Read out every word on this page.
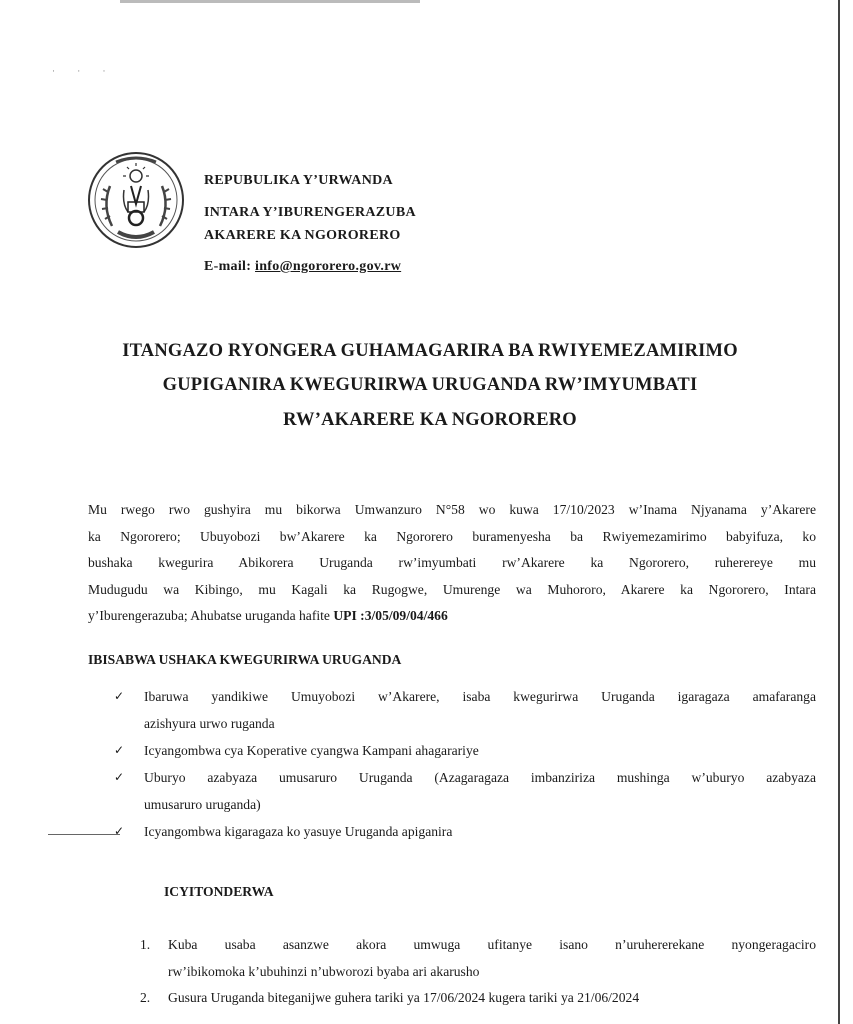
· · ·
REPUBULIKA Y’URWANDA
INTARA Y’IBURENGERAZUBA
AKARERE KA NGORORERO
E-mail: info@ngororero.gov.rw
ITANGAZO RYONGERA GUHAMAGARIRA BA RWIYEMEZAMIRIMO
GUPIGANIRA KWEGURIRWA URUGANDA RW’IMYUMBATI
RW’AKARERE KA NGORORERO
Mu rwego rwo gushyira mu bikorwa Umwanzuro N°58 wo kuwa 17/10/2023 w’Inama Njyanama y’Akarere
ka Ngororero; Ubuyobozi bw’Akarere ka Ngororero buramenyesha ba Rwiyemezamirimo babyifuza, ko
bushaka kwegurira Abikorera Uruganda rw’imyumbati rw’Akarere ka Ngororero, ruherereye mu
Mudugudu wa Kibingo, mu Kagali ka Rugogwe, Umurenge wa Muhororo, Akarere ka Ngororero, Intara
y’Iburengerazuba; Ahubatse uruganda hafite UPI :3/05/09/04/466
IBISABWA USHAKA KWEGURIRWA URUGANDA
✓ Ibaruwa yandikiwe Umuyobozi w’Akarere, isaba kwegurirwa Uruganda igaragaza amafaranga
azishyura urwo ruganda
✓ Icyangombwa cya Koperative cyangwa Kampani ahagarariye
✓ Uburyo azabyaza umusaruro Uruganda (Azagaragaza imbanziriza mushinga w’uburyo azabyaza
umusaruro uruganda)
✓ Icyangombwa kigaragaza ko yasuye Uruganda apiganira
ICYITONDERWA
1. Kuba usaba asanzwe akora umwuga ufitanye isano n’uruhererekane nyongeragaciro
rw’ibikomoka k’ubuhinzi n’ubworozi byaba ari akarusho
2. Gusura Uruganda biteganijwe guhera tariki ya 17/06/2024 kugera tariki ya 21/06/2024
